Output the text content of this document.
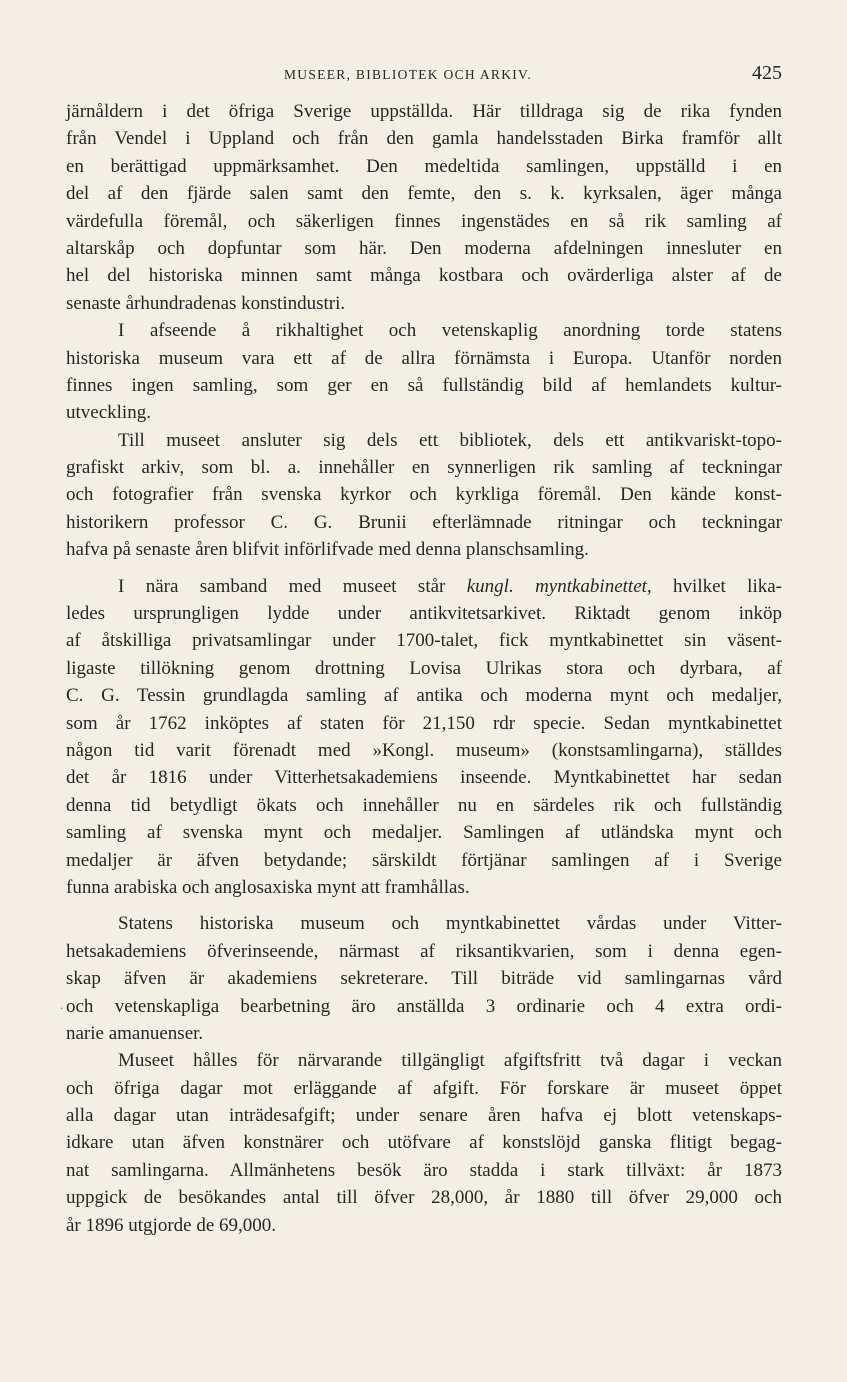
MUSEER, BIBLIOTEK OCH ARKIV.	425
.
järnåldern i det öfriga Sverige uppställda. Här tilldraga sig de rika fynden
från Vendel i Uppland och från den gamla handelsstaden Birka framför allt
en berättigad uppmärksamhet. Den medeltida samlingen, uppställd i en
del af den fjärde salen samt den femte, den s. k. kyrksalen, äger många
värdefulla föremål, och säkerligen finnes ingenstädes en så rik samling af
altarskåp och dopfuntar som här. Den moderna afdelningen innesluter en
hel del historiska minnen samt många kostbara och ovärderliga alster af de
senaste århundradenas konstindustri.
I afseende å rikhaltighet och vetenskaplig anordning torde statens
historiska museum vara ett af de allra förnämsta i Europa. Utanför norden
finnes ingen samling, som ger en så fullständig bild af hemlandets kultur-
utveckling.
Till museet ansluter sig dels ett bibliotek, dels ett antikvariskt-topo-
grafiskt arkiv, som bl. a. innehåller en synnerligen rik samling af teckningar
och fotografier från svenska kyrkor och kyrkliga föremål. Den kände konst-
historikern professor C. G. Brunii efterlämnade ritningar och teckningar
hafva på senaste åren blifvit införlifvade med denna planschsamling.
I nära samband med museet står kungl. myntkabinettet, hvilket lika-
ledes ursprungligen lydde under antikvitetsarkivet. Riktadt genom inköp
af åtskilliga privatsamlingar under 1700-talet, fick myntkabinettet sin väsent-
ligaste tillökning genom drottning Lovisa Ulrikas stora och dyrbara, af
C. G. Tessin grundlagda samling af antika och moderna mynt och medaljer,
som år 1762 inköptes af staten för 21,150 rdr specie. Sedan myntkabinettet
någon tid varit förenadt med »Kongl. museum» (konstsamlingarna), ställdes
det år 1816 under Vitterhetsakademiens inseende. Myntkabinettet har sedan
denna tid betydligt ökats och innehåller nu en särdeles rik och fullständig
samling af svenska mynt och medaljer. Samlingen af utländska mynt och
medaljer är äfven betydande; särskildt förtjänar samlingen af i Sverige
funna arabiska och anglosaxiska mynt att framhållas.
Statens historiska museum och myntkabinettet vårdas under Vitter-
hetsakademiens öfverinseende, närmast af riksantikvarien, som i denna egen-
skap äfven är akademiens sekreterare. Till biträde vid samlingarnas vård
och vetenskapliga bearbetning äro anställda 3 ordinarie och 4 extra ordi-
narie amanuenser.
Museet hålles för närvarande tillgängligt afgiftsfritt två dagar i veckan
och öfriga dagar mot erläggande af afgift. För forskare är museet öppet
alla dagar utan inträdesafgift; under senare åren hafva ej blott vetenskaps-
idkare utan äfven konstnärer och utöfvare af konstslöjd ganska flitigt begag-
nat samlingarna. Allmänhetens besök äro stadda i stark tillväxt: år 1873
uppgick de besökandes antal till öfver 28,000, år 1880 till öfver 29,000 och
år 1896 utgjorde de 69,000.
